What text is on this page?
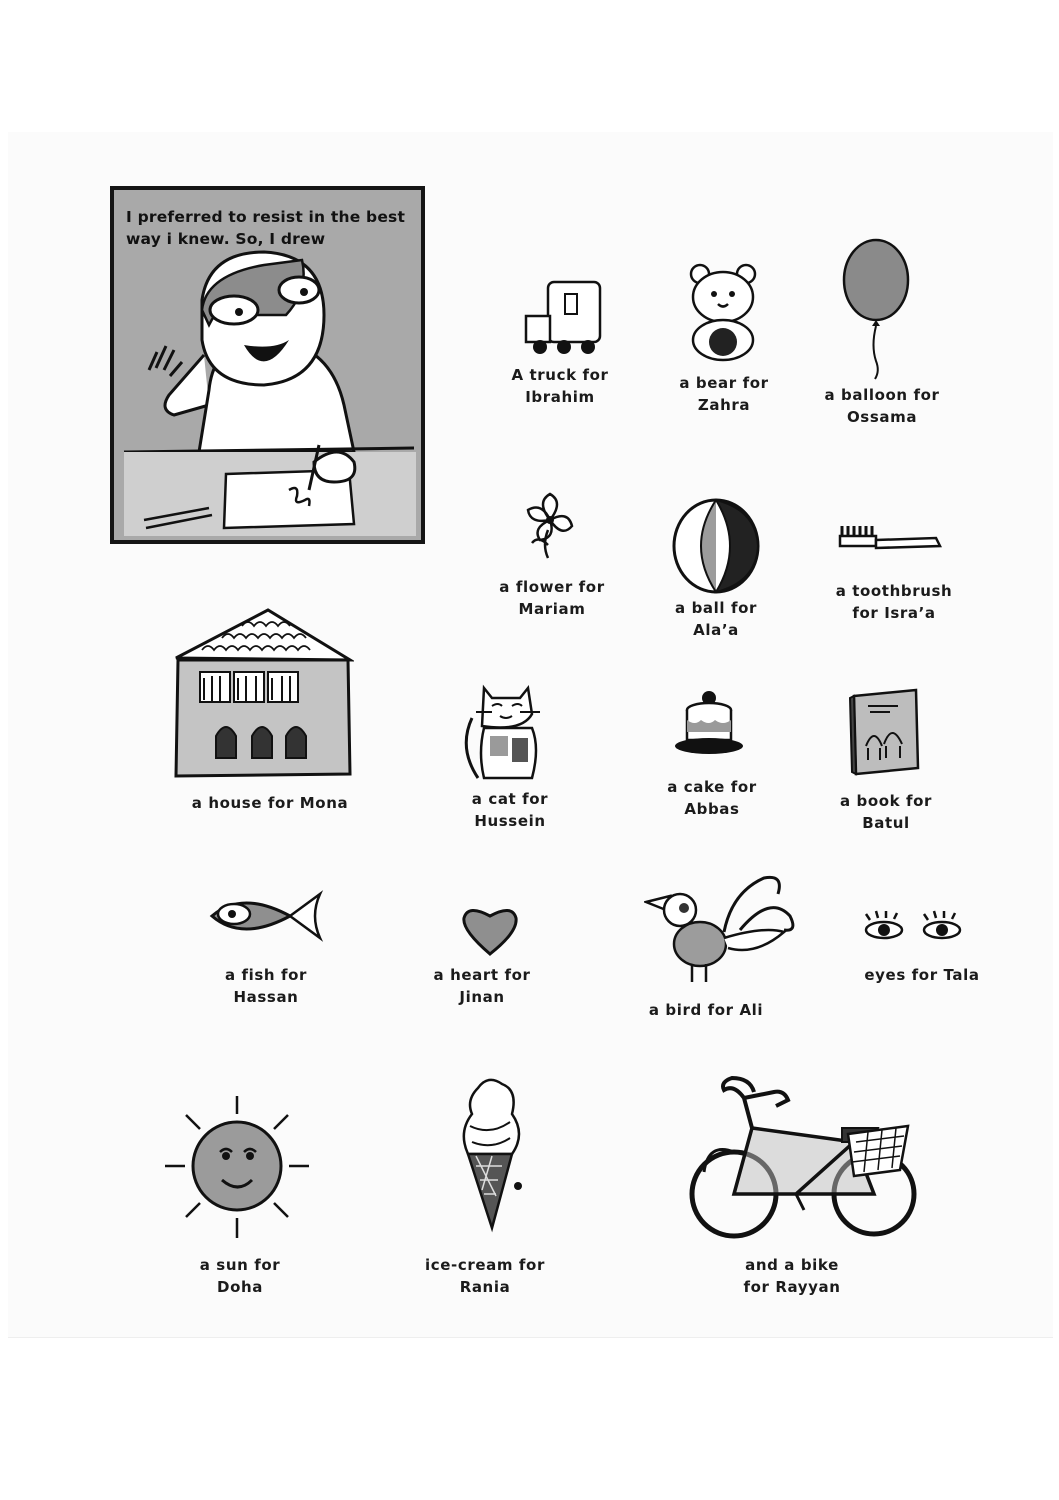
I preferred to resist in the best
way i knew. So, I drew
A truck for
Ibrahim
a bear for
Zahra
a balloon for
Ossama
a flower for
Mariam	a ball for
Ala’a
a toothbrush
for Isra’a
a house for Mona	a cat for
Hussein
a cake for
Abbas	a book for
Batul
a fish for
Hassan
a heart for
Jinan
a bird for Ali
eyes for Tala
a sun for
Doha
ice-cream for
Rania
and a bike
for Rayyan
